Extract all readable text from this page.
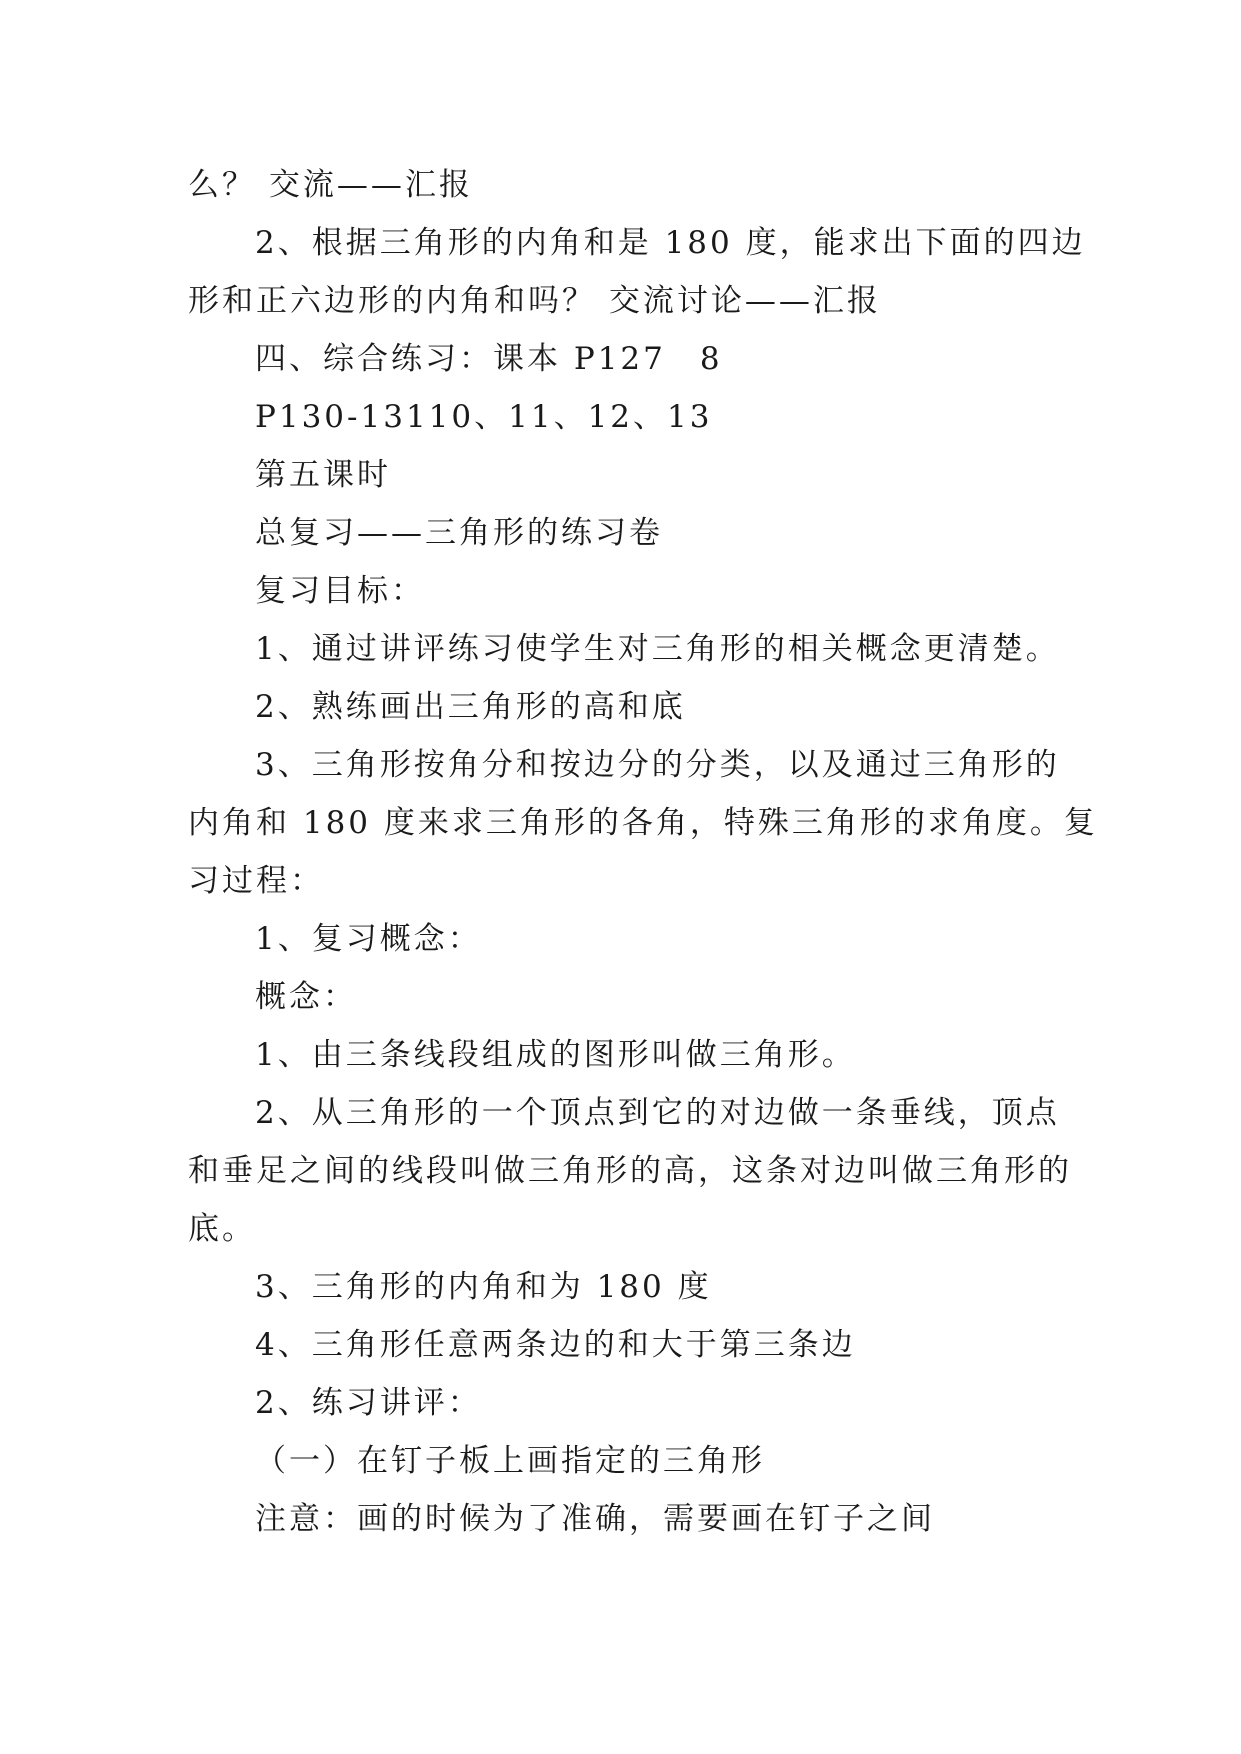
么？ 交流——汇报
2、根据三角形的内角和是 180 度，能求出下面的四边
形和正六边形的内角和吗？ 交流讨论——汇报
四、综合练习：课本 P127　8
P130-13110、11、12、13
第五课时
总复习——三角形的练习卷
复习目标：
1、通过讲评练习使学生对三角形的相关概念更清楚。
2、熟练画出三角形的高和底
3、三角形按角分和按边分的分类，以及通过三角形的
内角和 180 度来求三角形的各角，特殊三角形的求角度。复
习过程：
1、复习概念：
概念：
1、由三条线段组成的图形叫做三角形。
2、从三角形的一个顶点到它的对边做一条垂线，顶点
和垂足之间的线段叫做三角形的高，这条对边叫做三角形的
底。
3、三角形的内角和为 180 度
4、三角形任意两条边的和大于第三条边
2、练习讲评：
（一）在钉子板上画指定的三角形
注意：画的时候为了准确，需要画在钉子之间
